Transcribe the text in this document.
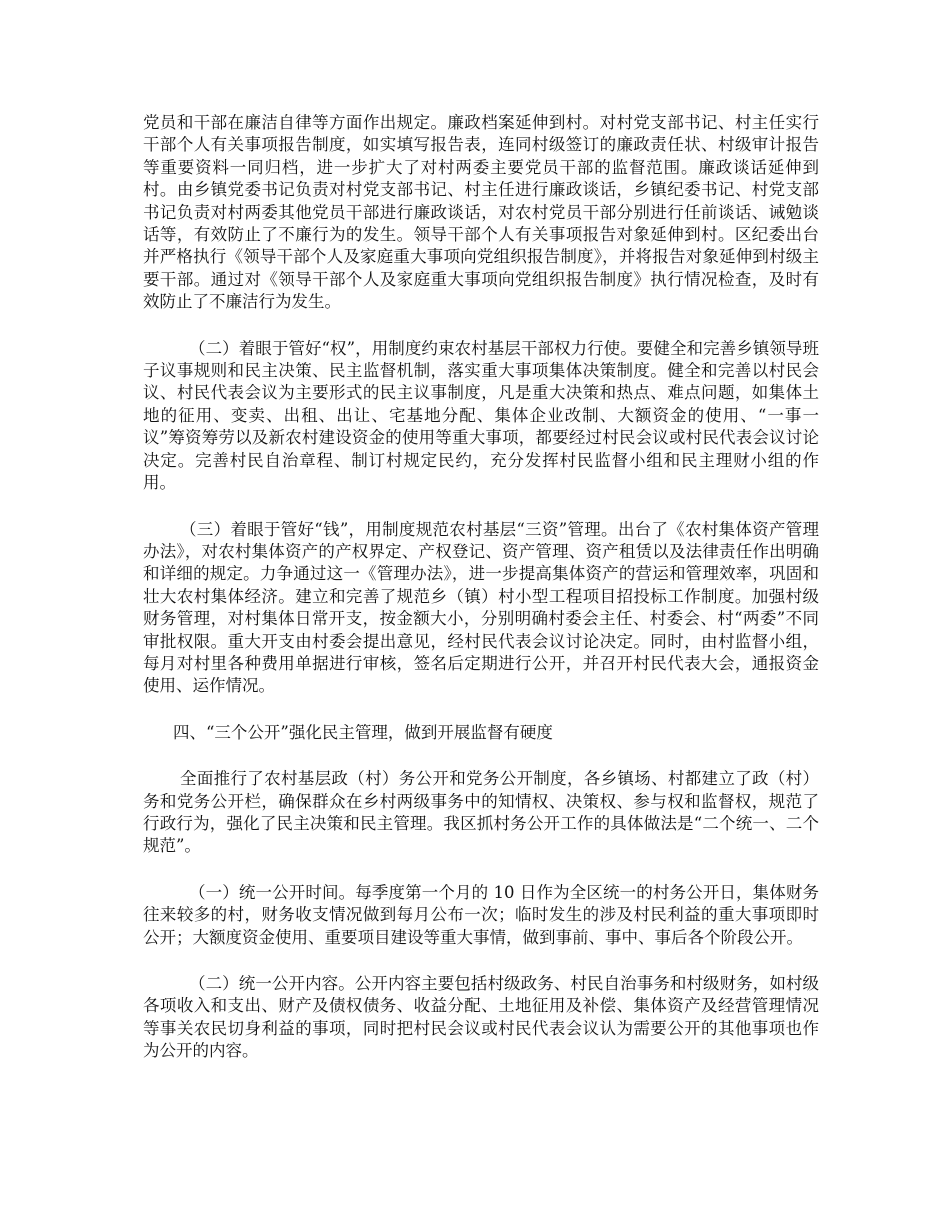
党员和干部在廉洁自律等方面作出规定。廉政档案延伸到村。对村党支部书记、村主任实行干部个人有关事项报告制度，如实填写报告表，连同村级签订的廉政责任状、村级审计报告等重要资料一同归档，进一步扩大了对村两委主要党员干部的监督范围。廉政谈话延伸到村。由乡镇党委书记负责对村党支部书记、村主任进行廉政谈话，乡镇纪委书记、村党支部书记负责对村两委其他党员干部进行廉政谈话，对农村党员干部分别进行任前谈话、诫勉谈话等，有效防止了不廉行为的发生。领导干部个人有关事项报告对象延伸到村。区纪委出台并严格执行《领导干部个人及家庭重大事项向党组织报告制度》，并将报告对象延伸到村级主要干部。通过对《领导干部个人及家庭重大事项向党组织报告制度》执行情况检查，及时有效防止了不廉洁行为发生。

（二）着眼于管好“权”，用制度约束农村基层干部权力行使。要健全和完善乡镇领导班子议事规则和民主决策、民主监督机制，落实重大事项集体决策制度。健全和完善以村民会议、村民代表会议为主要形式的民主议事制度，凡是重大决策和热点、难点问题，如集体土地的征用、变卖、出租、出让、宅基地分配、集体企业改制、大额资金的使用、“一事一议”筹资筹劳以及新农村建设资金的使用等重大事项，都要经过村民会议或村民代表会议讨论决定。完善村民自治章程、制订村规定民约，充分发挥村民监督小组和民主理财小组的作用。

（三）着眼于管好“钱”，用制度规范农村基层“三资”管理。出台了《农村集体资产管理办法》，对农村集体资产的产权界定、产权登记、资产管理、资产租赁以及法律责任作出明确和详细的规定。力争通过这一《管理办法》，进一步提高集体资产的营运和管理效率，巩固和壮大农村集体经济。建立和完善了规范乡（镇）村小型工程项目招投标工作制度。加强村级财务管理，对村集体日常开支，按金额大小，分别明确村委会主任、村委会、村“两委”不同审批权限。重大开支由村委会提出意见，经村民代表会议讨论决定。同时，由村监督小组，每月对村里各种费用单据进行审核，签名后定期进行公开，并召开村民代表大会，通报资金使用、运作情况。

四、“三个公开”强化民主管理，做到开展监督有硬度

全面推行了农村基层政（村）务公开和党务公开制度，各乡镇场、村都建立了政（村）务和党务公开栏，确保群众在乡村两级事务中的知情权、决策权、参与权和监督权，规范了行政行为，强化了民主决策和民主管理。我区抓村务公开工作的具体做法是“二个统一、二个规范”。

（一）统一公开时间。每季度第一个月的 10 日作为全区统一的村务公开日，集体财务往来较多的村，财务收支情况做到每月公布一次；临时发生的涉及村民利益的重大事项即时公开；大额度资金使用、重要项目建设等重大事情，做到事前、事中、事后各个阶段公开。

（二）统一公开内容。公开内容主要包括村级政务、村民自治事务和村级财务，如村级各项收入和支出、财产及债权债务、收益分配、土地征用及补偿、集体资产及经营管理情况等事关农民切身利益的事项，同时把村民会议或村民代表会议认为需要公开的其他事项也作为公开的内容。
